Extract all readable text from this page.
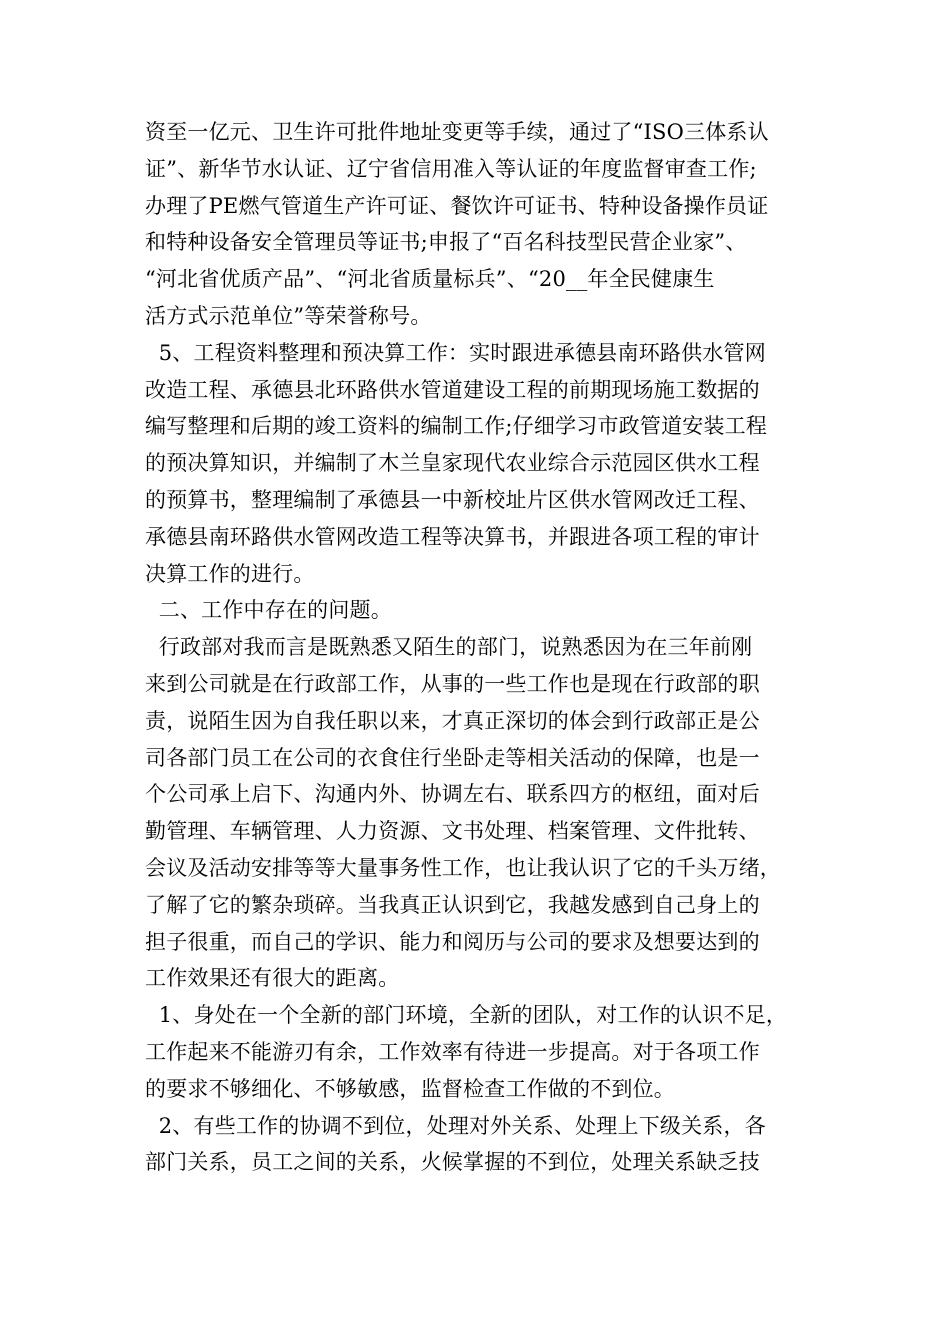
资至一亿元、卫生许可批件地址变更等手续，通过了“ISO三体系认
证”、新华节水认证、辽宁省信用准入等认证的年度监督审查工作;
办理了PE燃气管道生产许可证、餐饮许可证书、特种设备操作员证
和特种设备安全管理员等证书;申报了“百名科技型民营企业家”、
“河北省优质产品”、“河北省质量标兵”、“20__年全民健康生
活方式示范单位”等荣誉称号。
5、工程资料整理和预决算工作：实时跟进承德县南环路供水管网
改造工程、承德县北环路供水管道建设工程的前期现场施工数据的
编写整理和后期的竣工资料的编制工作;仔细学习市政管道安装工程
的预决算知识，并编制了木兰皇家现代农业综合示范园区供水工程
的预算书，整理编制了承德县一中新校址片区供水管网改迁工程、
承德县南环路供水管网改造工程等决算书，并跟进各项工程的审计
决算工作的进行。
二、工作中存在的问题。
行政部对我而言是既熟悉又陌生的部门，说熟悉因为在三年前刚
来到公司就是在行政部工作，从事的一些工作也是现在行政部的职
责，说陌生因为自我任职以来，才真正深切的体会到行政部正是公
司各部门员工在公司的衣食住行坐卧走等相关活动的保障，也是一
个公司承上启下、沟通内外、协调左右、联系四方的枢纽，面对后
勤管理、车辆管理、人力资源、文书处理、档案管理、文件批转、
会议及活动安排等等大量事务性工作，也让我认识了它的千头万绪，
了解了它的繁杂琐碎。当我真正认识到它，我越发感到自己身上的
担子很重，而自己的学识、能力和阅历与公司的要求及想要达到的
工作效果还有很大的距离。
1、身处在一个全新的部门环境，全新的团队，对工作的认识不足，
工作起来不能游刃有余，工作效率有待进一步提高。对于各项工作
的要求不够细化、不够敏感，监督检查工作做的不到位。
2、有些工作的协调不到位，处理对外关系、处理上下级关系，各
部门关系，员工之间的关系，火候掌握的不到位，处理关系缺乏技
